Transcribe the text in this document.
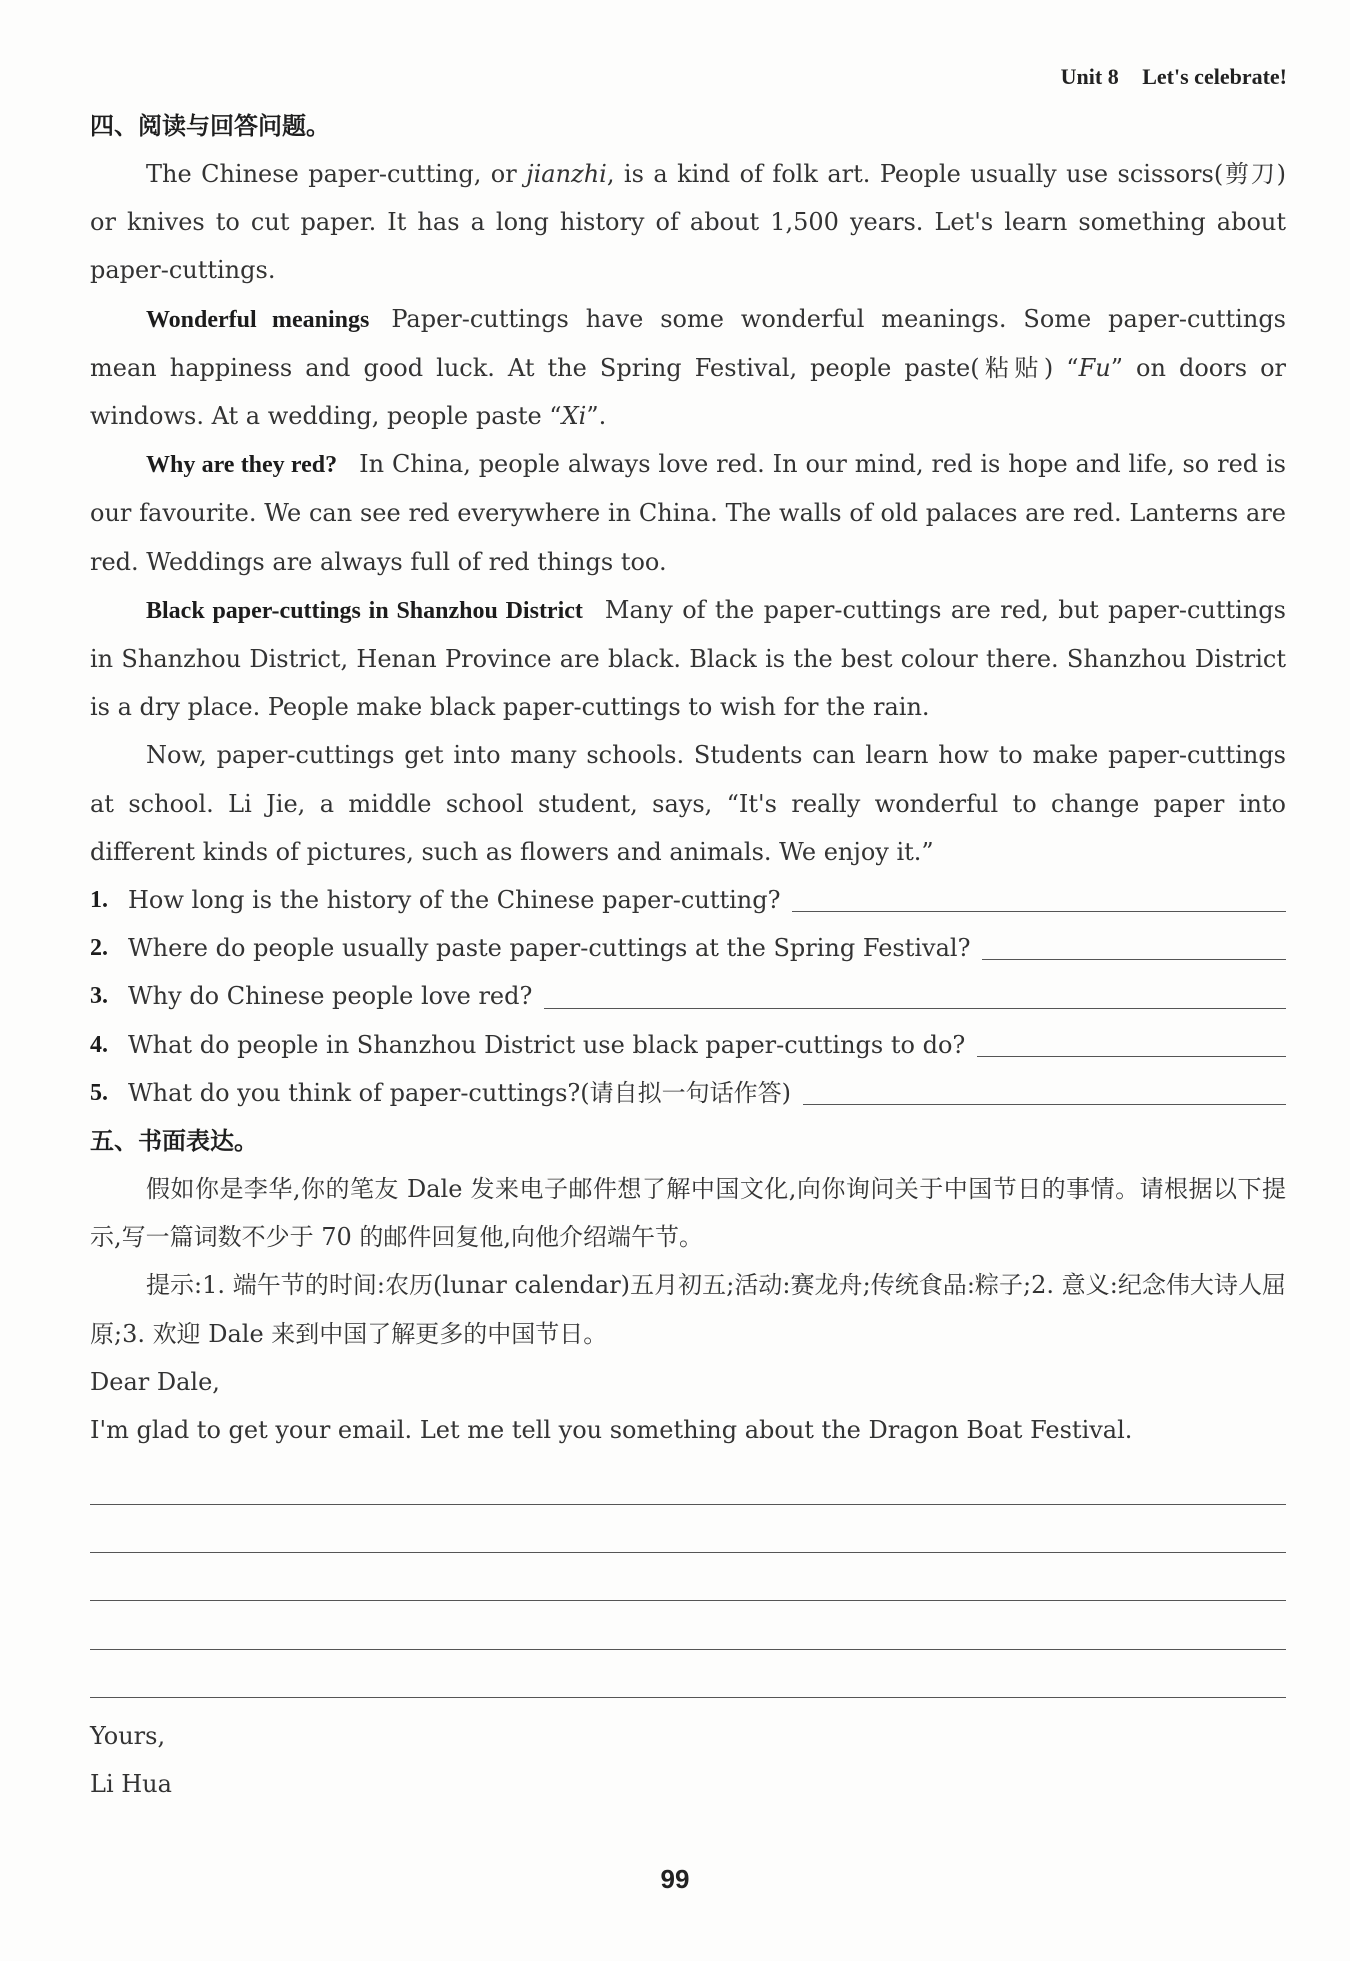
Unit 8 Let's celebrate!
四、阅读与回答问题。

The Chinese paper-cutting, or jianzhi, is a kind of folk art. People usually use scissors(剪刀) or knives to cut paper. It has a long history of about 1,500 years. Let's learn something about paper-cuttings.

Wonderful meanings Paper-cuttings have some wonderful meanings. Some paper-cuttings mean happiness and good luck. At the Spring Festival, people paste(粘贴) “Fu” on doors or windows. At a wedding, people paste “Xi”.

Why are they red? In China, people always love red. In our mind, red is hope and life, so red is our favourite. We can see red everywhere in China. The walls of old palaces are red. Lanterns are red. Weddings are always full of red things too.

Black paper-cuttings in Shanzhou District Many of the paper-cuttings are red, but paper-cuttings in Shanzhou District, Henan Province are black. Black is the best colour there. Shanzhou District is a dry place. People make black paper-cuttings to wish for the rain.

Now, paper-cuttings get into many schools. Students can learn how to make paper-cuttings at school. Li Jie, a middle school student, says, “It's really wonderful to change paper into different kinds of pictures, such as flowers and animals. We enjoy it.”

1. How long is the history of the Chinese paper-cutting?
2. Where do people usually paste paper-cuttings at the Spring Festival?
3. Why do Chinese people love red?
4. What do people in Shanzhou District use black paper-cuttings to do?
5. What do you think of paper-cuttings?(请自拟一句话作答)
五、书面表达。

假如你是李华,你的笔友 Dale 发来电子邮件想了解中国文化,向你询问关于中国节日的事情。请根据以下提示,写一篇词数不少于 70 的邮件回复他,向他介绍端午节。

提示:1. 端午节的时间:农历(lunar calendar)五月初五;活动:赛龙舟;传统食品:粽子;2. 意义:纪念伟大诗人屈原;3. 欢迎 Dale 来到中国了解更多的中国节日。

Dear Dale,
I'm glad to get your email. Let me tell you something about the Dragon Boat Festival.
Yours,
Li Hua
99
